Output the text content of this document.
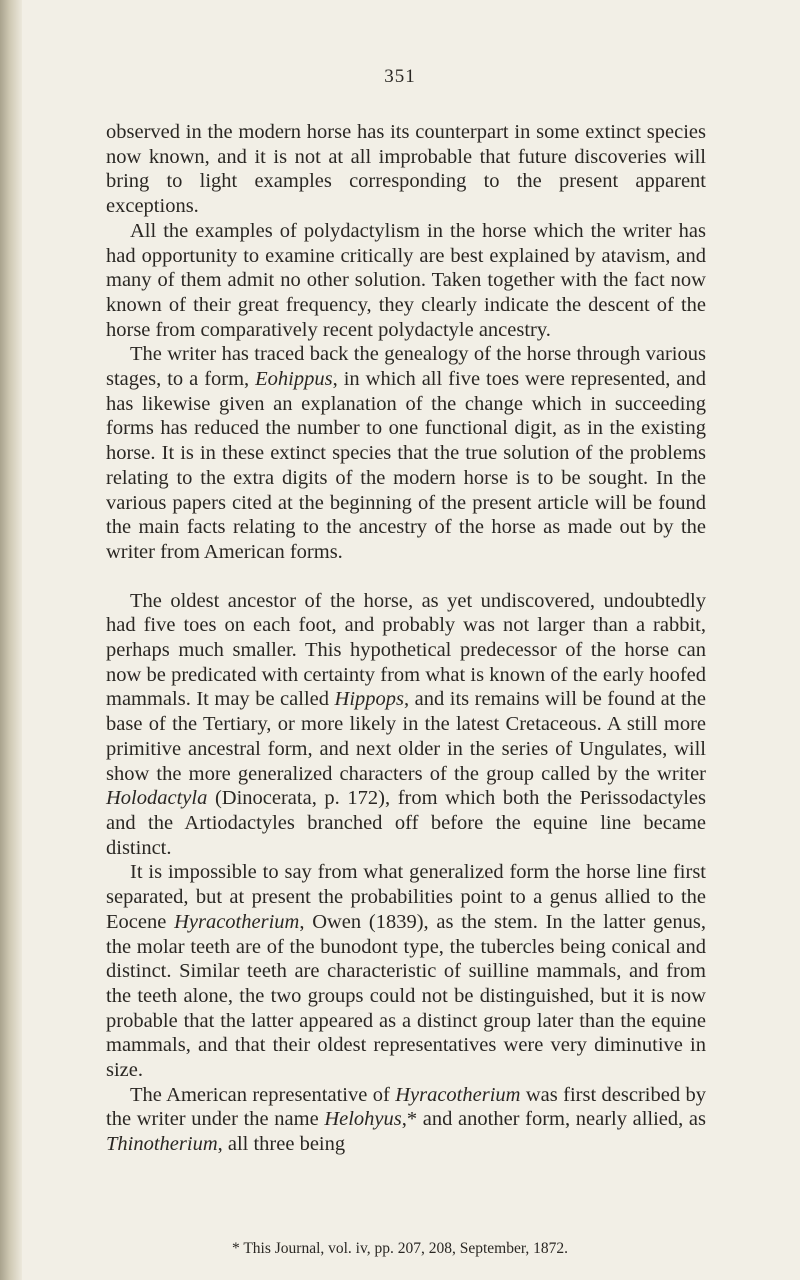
351

observed in the modern horse has its counterpart in some extinct species now known, and it is not at all improbable that future discoveries will bring to light examples corresponding to the present apparent exceptions.

All the examples of polydactylism in the horse which the writer has had opportunity to examine critically are best explained by atavism, and many of them admit no other solution. Taken together with the fact now known of their great frequency, they clearly indicate the descent of the horse from comparatively recent polydactyle ancestry.

The writer has traced back the genealogy of the horse through various stages, to a form, Eohippus, in which all five toes were represented, and has likewise given an explanation of the change which in succeeding forms has reduced the number to one functional digit, as in the existing horse. It is in these extinct species that the true solution of the problems relating to the extra digits of the modern horse is to be sought. In the various papers cited at the beginning of the present article will be found the main facts relating to the ancestry of the horse as made out by the writer from American forms.

The oldest ancestor of the horse, as yet undiscovered, undoubtedly had five toes on each foot, and probably was not larger than a rabbit, perhaps much smaller. This hypothetical predecessor of the horse can now be predicated with certainty from what is known of the early hoofed mammals. It may be called Hippops, and its remains will be found at the base of the Tertiary, or more likely in the latest Cretaceous. A still more primitive ancestral form, and next older in the series of Ungulates, will show the more generalized characters of the group called by the writer Holodactyla (Dinocerata, p. 172), from which both the Perissodactyles and the Artiodactyles branched off before the equine line became distinct.

It is impossible to say from what generalized form the horse line first separated, but at present the probabilities point to a genus allied to the Eocene Hyracotherium, Owen (1839), as the stem. In the latter genus, the molar teeth are of the bunodont type, the tubercles being conical and distinct. Similar teeth are characteristic of suilline mammals, and from the teeth alone, the two groups could not be distinguished, but it is now probable that the latter appeared as a distinct group later than the equine mammals, and that their oldest representatives were very diminutive in size.

The American representative of Hyracotherium was first described by the writer under the name Helohyus,* and another form, nearly allied, as Thinotherium, all three being

* This Journal, vol. iv, pp. 207, 208, September, 1872.
